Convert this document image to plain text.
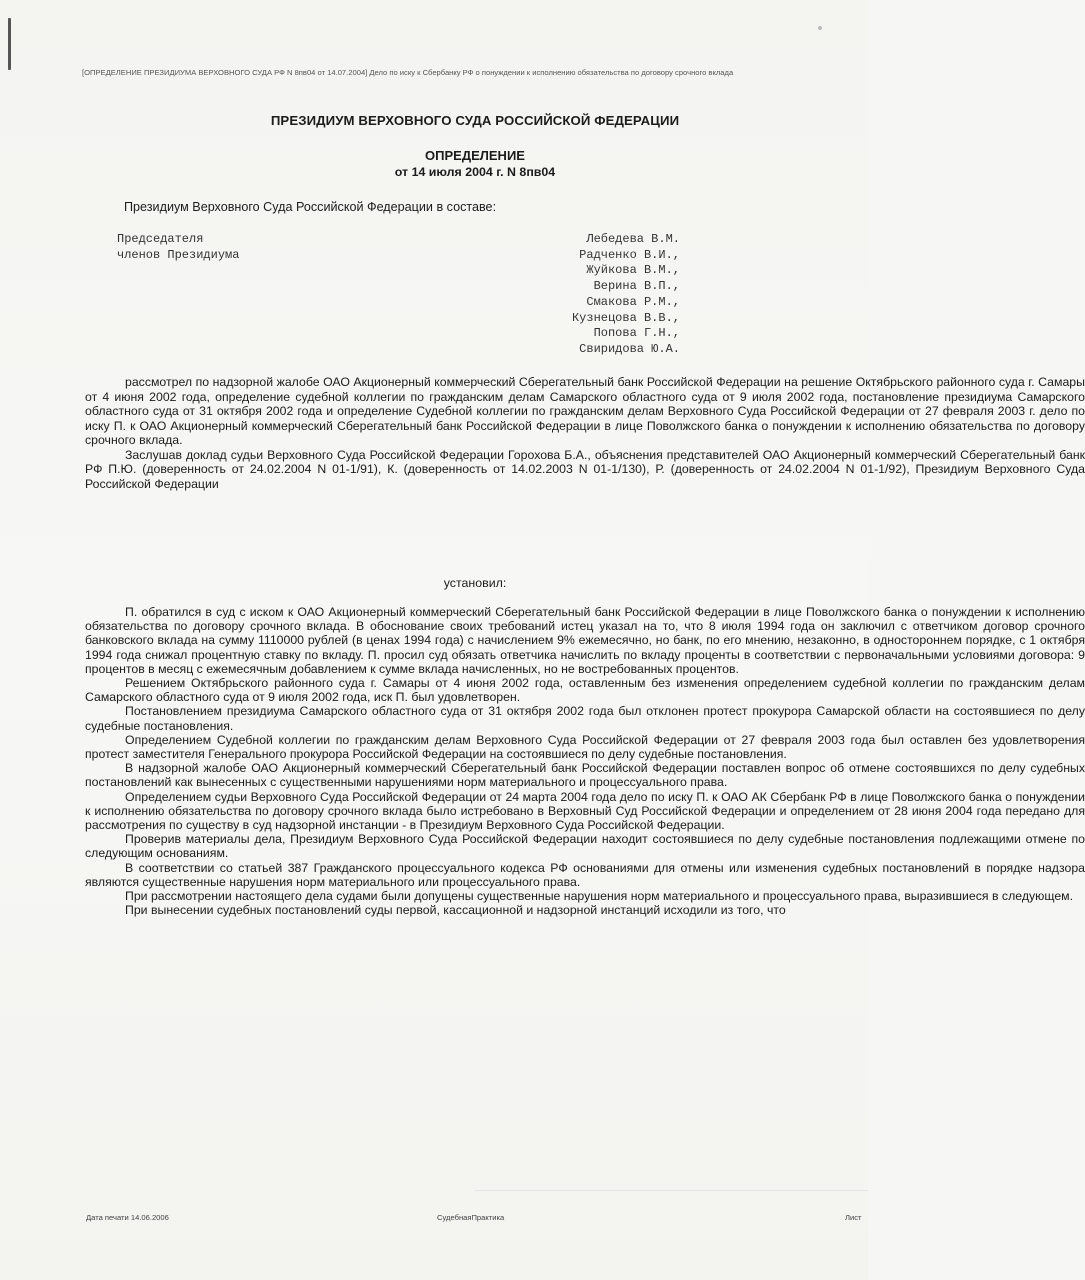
[ОПРЕДЕЛЕНИЕ ПРЕЗИДИУМА ВЕРХОВНОГО СУДА РФ N 8пв04 от 14.07.2004] Дело по иску к Сбербанку РФ о понуждении к исполнению обязательства по договору срочного вклада
ПРЕЗИДИУМ ВЕРХОВНОГО СУДА РОССИЙСКОЙ ФЕДЕРАЦИИ
ОПРЕДЕЛЕНИЕ
от 14 июля 2004 г. N 8пв04
Президиум Верховного Суда Российской Федерации в составе:
Председателя
членов Президиума
Лебедева В.М.
Радченко В.И.,
Жуйкова В.М.,
Верина В.П.,
Смакова Р.М.,
Кузнецова В.В.,
Попова Г.Н.,
Свиридова Ю.А.

рассмотрел по надзорной жалобе ОАО Акционерный коммерческий Сберегательный банк Российской Федерации на решение Октябрьского районного суда г. Самары от 4 июня 2002 года, определение судебной коллегии по гражданским делам Самарского областного суда от 9 июля 2002 года, постановление президиума Самарского областного суда от 31 октября 2002 года и определение Судебной коллегии по гражданским делам Верховного Суда Российской Федерации от 27 февраля 2003 г. дело по иску П. к ОАО Акционерный коммерческий Сберегательный банк Российской Федерации в лице Поволжского банка о понуждении к исполнению обязательства по договору срочного вклада.

Заслушав доклад судьи Верховного Суда Российской Федерации Горохова Б.А., объяснения представителей ОАО Акционерный коммерческий Сберегательный банк РФ П.Ю. (доверенность от 24.02.2004 N 01-1/91), К. (доверенность от 14.02.2003 N 01-1/130), Р. (доверенность от 24.02.2004 N 01-1/92), Президиум Верховного Суда Российской Федерации

установил:

П. обратился в суд с иском к ОАО Акционерный коммерческий Сберегательный банк Российской Федерации в лице Поволжского банка о понуждении к исполнению обязательства по договору срочного вклада. В обоснование своих требований истец указал на то, что 8 июля 1994 года он заключил с ответчиком договор срочного банковского вклада на сумму 1110000 рублей (в ценах 1994 года) с начислением 9% ежемесячно, но банк, по его мнению, незаконно, в одностороннем порядке, с 1 октября 1994 года снижал процентную ставку по вкладу. П. просил суд обязать ответчика начислить по вкладу проценты в соответствии с первоначальными условиями договора: 9 процентов в месяц с ежемесячным добавлением к сумме вклада начисленных, но не востребованных процентов.

Решением Октябрьского районного суда г. Самары от 4 июня 2002 года, оставленным без изменения определением судебной коллегии по гражданским делам Самарского областного суда от 9 июля 2002 года, иск П. был удовлетворен.

Постановлением президиума Самарского областного суда от 31 октября 2002 года был отклонен протест прокурора Самарской области на состоявшиеся по делу судебные постановления.

Определением Судебной коллегии по гражданским делам Верховного Суда Российской Федерации от 27 февраля 2003 года был оставлен без удовлетворения протест заместителя Генерального прокурора Российской Федерации на состоявшиеся по делу судебные постановления.

В надзорной жалобе ОАО Акционерный коммерческий Сберегательный банк Российской Федерации поставлен вопрос об отмене состоявшихся по делу судебных постановлений как вынесенных с существенными нарушениями норм материального и процессуального права.

Определением судьи Верховного Суда Российской Федерации от 24 марта 2004 года дело по иску П. к ОАО АК Сбербанк РФ в лице Поволжского банка о понуждении к исполнению обязательства по договору срочного вклада было истребовано в Верховный Суд Российской Федерации и определением от 28 июня 2004 года передано для рассмотрения по существу в суд надзорной инстанции - в Президиум Верховного Суда Российской Федерации.

Проверив материалы дела, Президиум Верховного Суда Российской Федерации находит состоявшиеся по делу судебные постановления подлежащими отмене по следующим основаниям.

В соответствии со статьей 387 Гражданского процессуального кодекса РФ основаниями для отмены или изменения судебных постановлений в порядке надзора являются существенные нарушения норм материального или процессуального права.

При рассмотрении настоящего дела судами были допущены существенные нарушения норм материального и процессуального права, выразившиеся в следующем.

При вынесении судебных постановлений суды первой, кассационной и надзорной инстанций исходили из того, что

Дата печати 14.06.2006	СудебнаяПрактика	Лист
